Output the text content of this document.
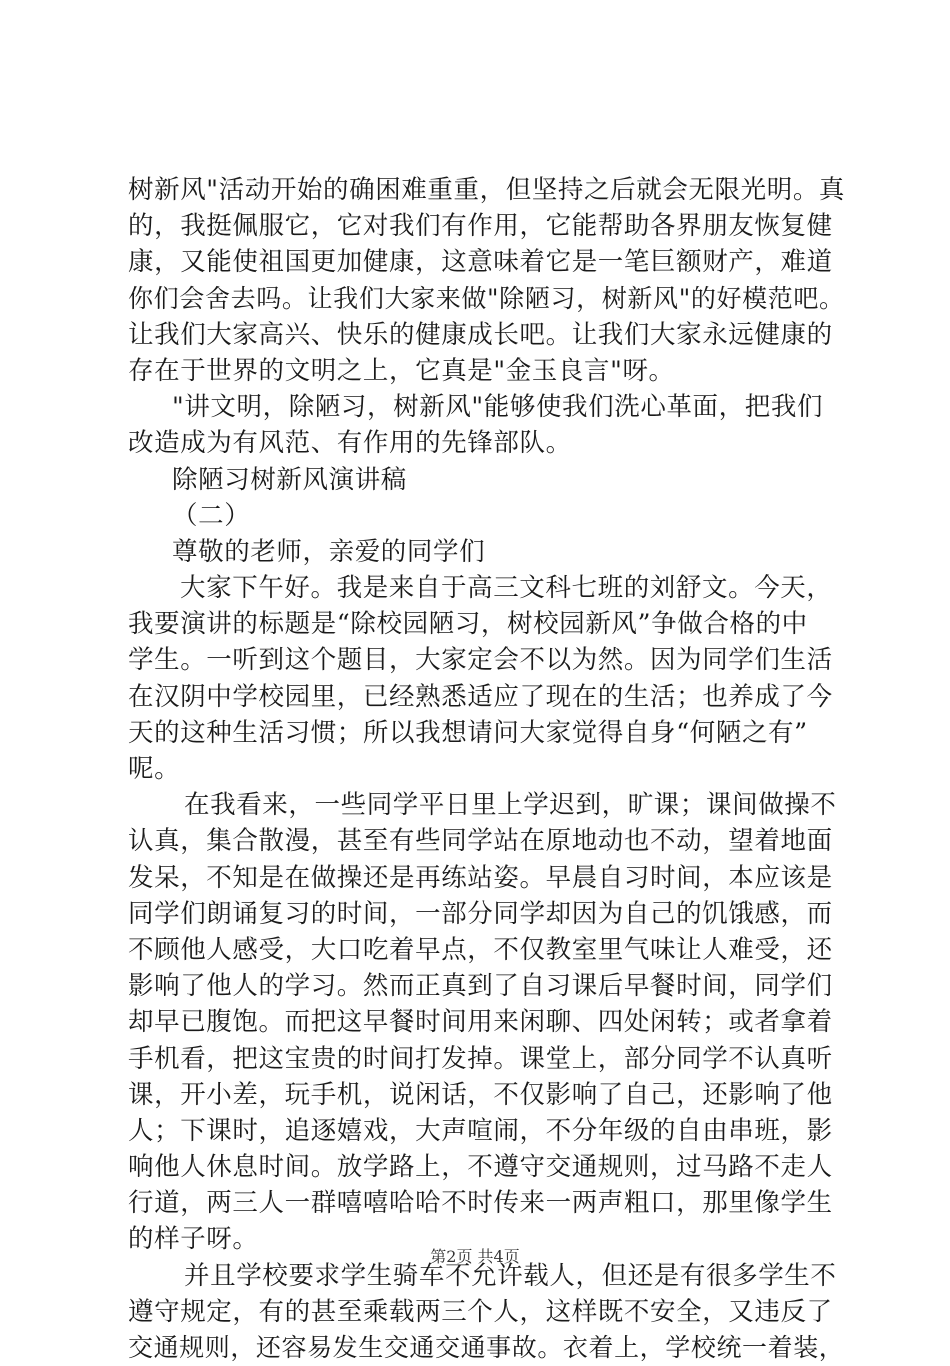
树新风"活动开始的确困难重重，但坚持之后就会无限光明。真
的，我挺佩服它，它对我们有作用，它能帮助各界朋友恢复健
康，又能使祖国更加健康，这意味着它是一笔巨额财产，难道
你们会舍去吗。让我们大家来做"除陋习，树新风"的好模范吧。
让我们大家高兴、快乐的健康成长吧。让我们大家永远健康的
存在于世界的文明之上，它真是"金玉良言"呀。
"讲文明，除陋习，树新风"能够使我们洗心革面，把我们
改造成为有风范、有作用的先锋部队。
除陋习树新风演讲稿
（二）
尊敬的老师，亲爱的同学们
大家下午好。我是来自于高三文科七班的刘舒文。今天，
我要演讲的标题是“除校园陋习，树校园新风”争做合格的中
学生。一听到这个题目，大家定会不以为然。因为同学们生活
在汉阴中学校园里，已经熟悉适应了现在的生活；也养成了今
天的这种生活习惯；所以我想请问大家觉得自身“何陋之有”
呢。
在我看来，一些同学平日里上学迟到，旷课；课间做操不
认真，集合散漫，甚至有些同学站在原地动也不动，望着地面
发呆，不知是在做操还是再练站姿。早晨自习时间，本应该是
同学们朗诵复习的时间，一部分同学却因为自己的饥饿感，而
不顾他人感受，大口吃着早点，不仅教室里气味让人难受，还
影响了他人的学习。然而正真到了自习课后早餐时间，同学们
却早已腹饱。而把这早餐时间用来闲聊、四处闲转；或者拿着
手机看，把这宝贵的时间打发掉。课堂上，部分同学不认真听
课，开小差，玩手机，说闲话，不仅影响了自己，还影响了他
人；下课时，追逐嬉戏，大声喧闹，不分年级的自由串班，影
响他人休息时间。放学路上，不遵守交通规则，过马路不走人
行道，两三人一群嘻嘻哈哈不时传来一两声粗口，那里像学生
的样子呀。
并且学校要求学生骑车不允许载人，但还是有很多学生不
遵守规定，有的甚至乘载两三个人，这样既不安全，又违反了
交通规则，还容易发生交通交通事故。衣着上，学校统一着装，
第2页 共4页
